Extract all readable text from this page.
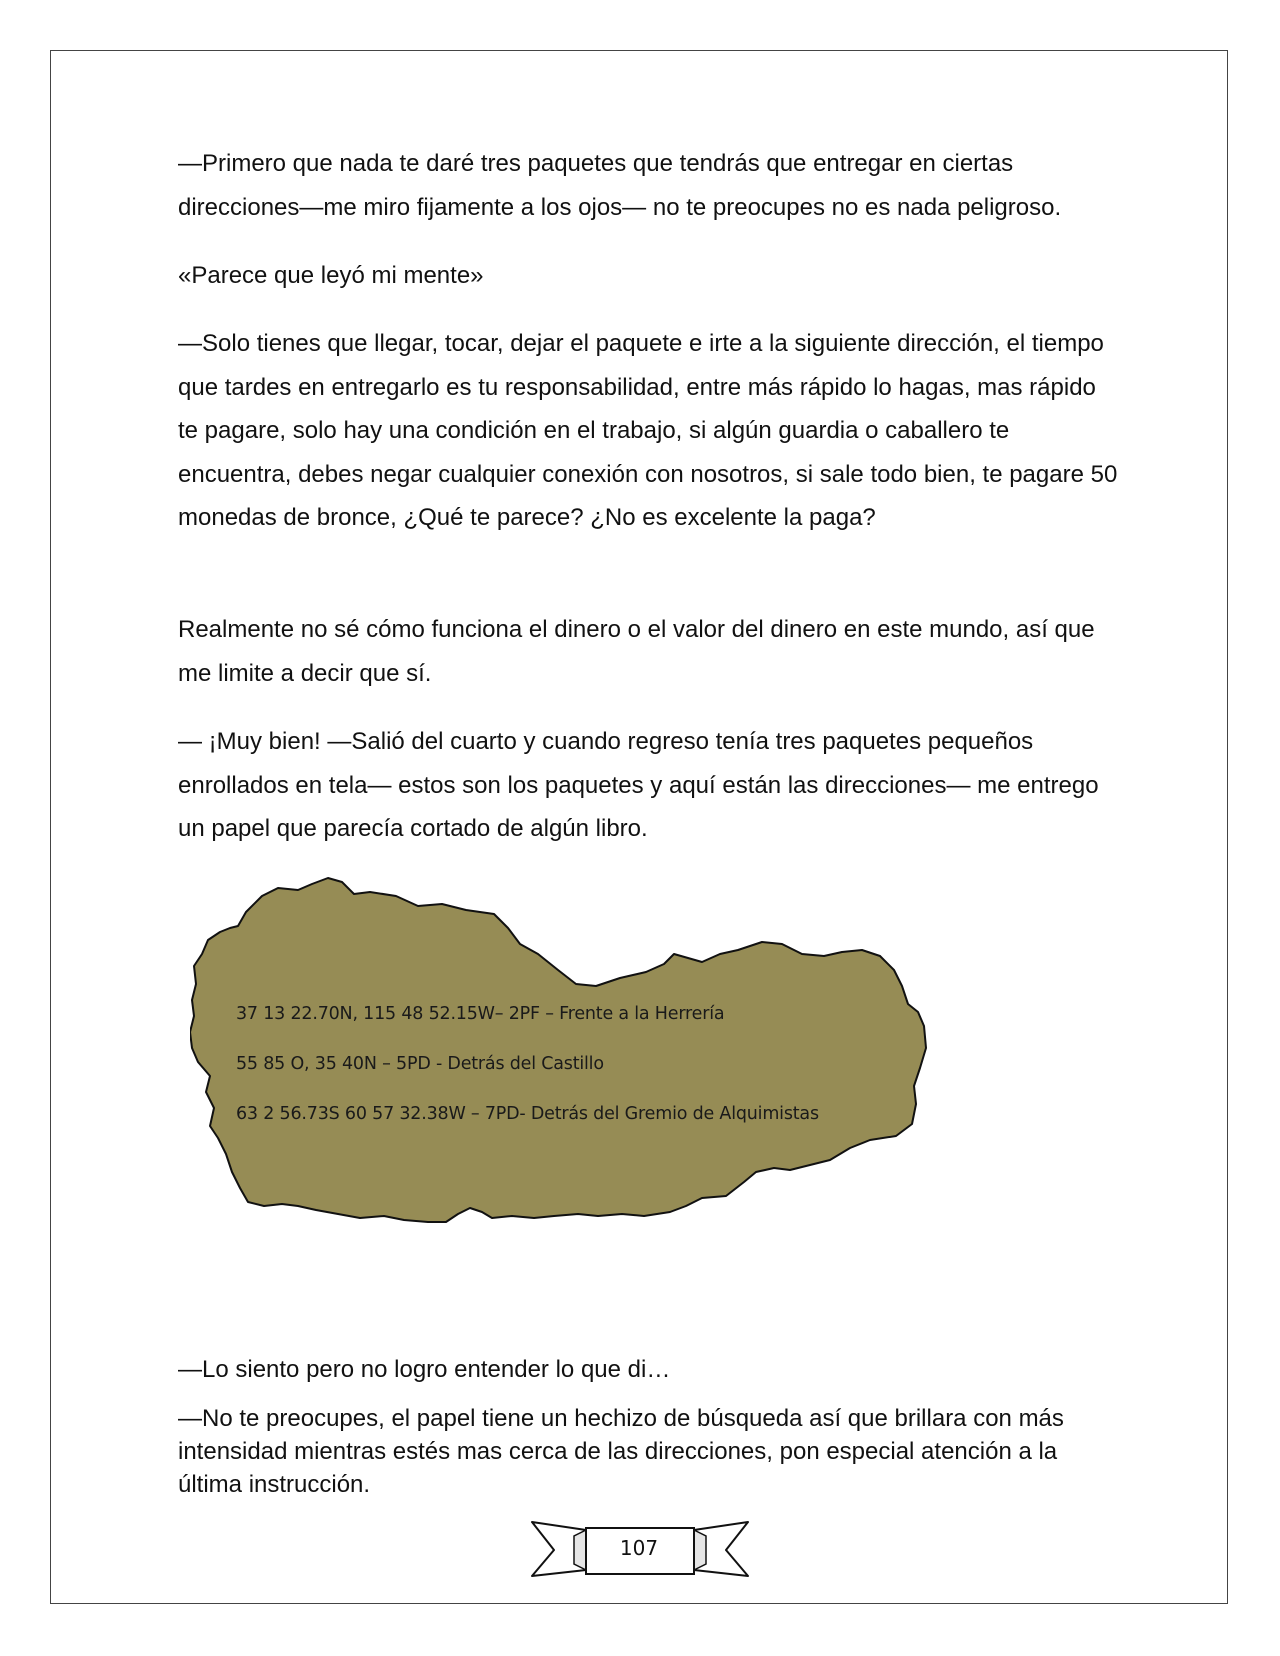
—Primero que nada te daré tres paquetes que tendrás que entregar en ciertas direcciones—me miro fijamente a los ojos— no te preocupes no es nada peligroso.

«Parece que leyó mi mente»

—Solo tienes que llegar, tocar, dejar el paquete e irte a la siguiente dirección, el tiempo que tardes en entregarlo es tu responsabilidad, entre más rápido lo hagas, mas rápido te pagare, solo hay una condición en el trabajo, si algún guardia o caballero te encuentra, debes negar cualquier conexión con nosotros, si sale todo bien, te pagare 50 monedas de bronce, ¿Qué te parece? ¿No es excelente la paga?

Realmente no sé cómo funciona el dinero o el valor del dinero en este mundo, así que me limite a decir que sí.

— ¡Muy bien! —Salió del cuarto y cuando regreso tenía tres paquetes pequeños enrollados en tela— estos son los paquetes y aquí están las direcciones— me entrego un papel que parecía cortado de algún libro.

37 13 22.70N, 115 48 52.15W– 2PF – Frente a la Herrería
55 85 O, 35 40N – 5PD - Detrás del Castillo
63 2 56.73S 60 57 32.38W – 7PD- Detrás del Gremio de Alquimistas

—Lo siento pero no logro entender lo que di…

—No te preocupes, el papel tiene un hechizo de búsqueda así que brillara con más intensidad mientras estés mas cerca de las direcciones, pon especial atención a la última instrucción.

107
